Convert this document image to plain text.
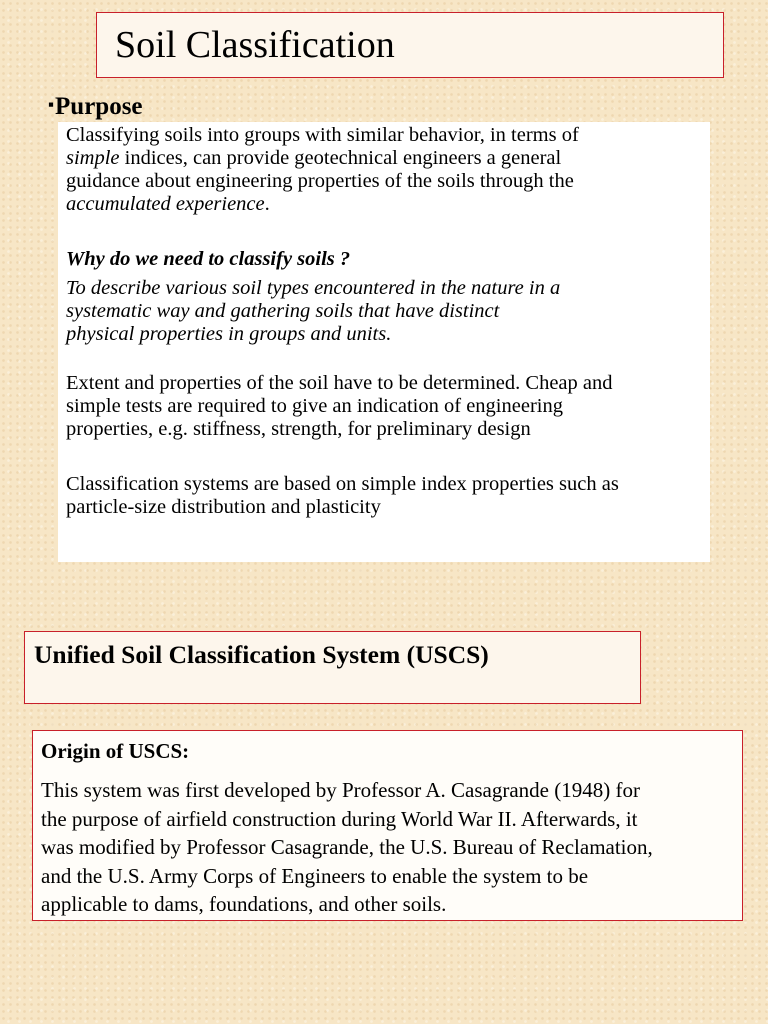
Soil Classification
▪Purpose
Classifying soils into groups with similar behavior, in terms of
simple indices, can provide geotechnical engineers a general
guidance about engineering properties of the soils through the
accumulated experience.
Why do we need to classify soils ?
To describe various soil types encountered in the nature in a
systematic way and gathering soils that have distinct
physical properties in groups and units.
Extent and properties of the soil have to be determined. Cheap and
simple tests are required to give an indication of engineering
properties, e.g. stiffness, strength, for preliminary design
Classification systems are based on simple index properties such as
particle-size distribution and plasticity
Unified Soil Classification System (USCS)
Origin of USCS:
This system was first developed by Professor A. Casagrande (1948) for
the purpose of airfield construction during World War II. Afterwards, it
was modified by Professor Casagrande, the U.S. Bureau of Reclamation,
and the U.S. Army Corps of Engineers to enable the system to be
applicable to dams, foundations, and other soils.
